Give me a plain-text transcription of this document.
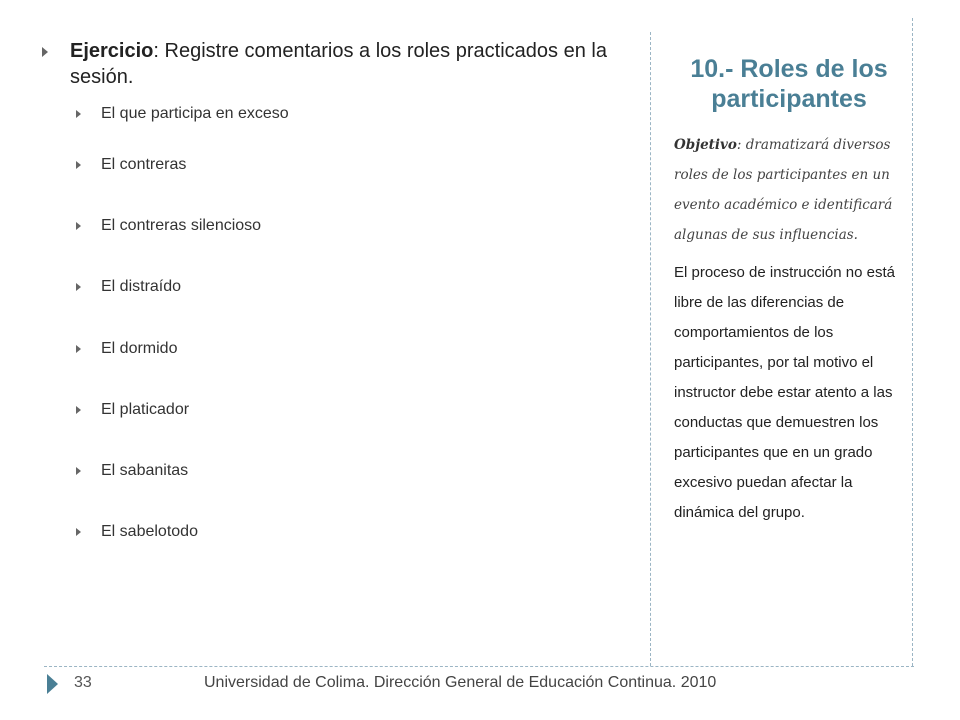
Ejercicio: Registre comentarios a los roles practicados en la sesión.
El que participa en exceso
El contreras
El contreras silencioso
El distraído
El dormido
El platicador
El sabanitas
El sabelotodo
10.- Roles de los participantes

Objetivo: dramatizará diversos roles de los participantes en un evento académico e identificará algunas de sus influencias.

El proceso de instrucción no está libre de las diferencias de comportamientos de los participantes, por tal motivo el instructor debe estar atento a las conductas que demuestren los participantes que en un grado excesivo puedan afectar la dinámica del grupo.

33	Universidad de Colima. Dirección General de Educación Continua. 2010
